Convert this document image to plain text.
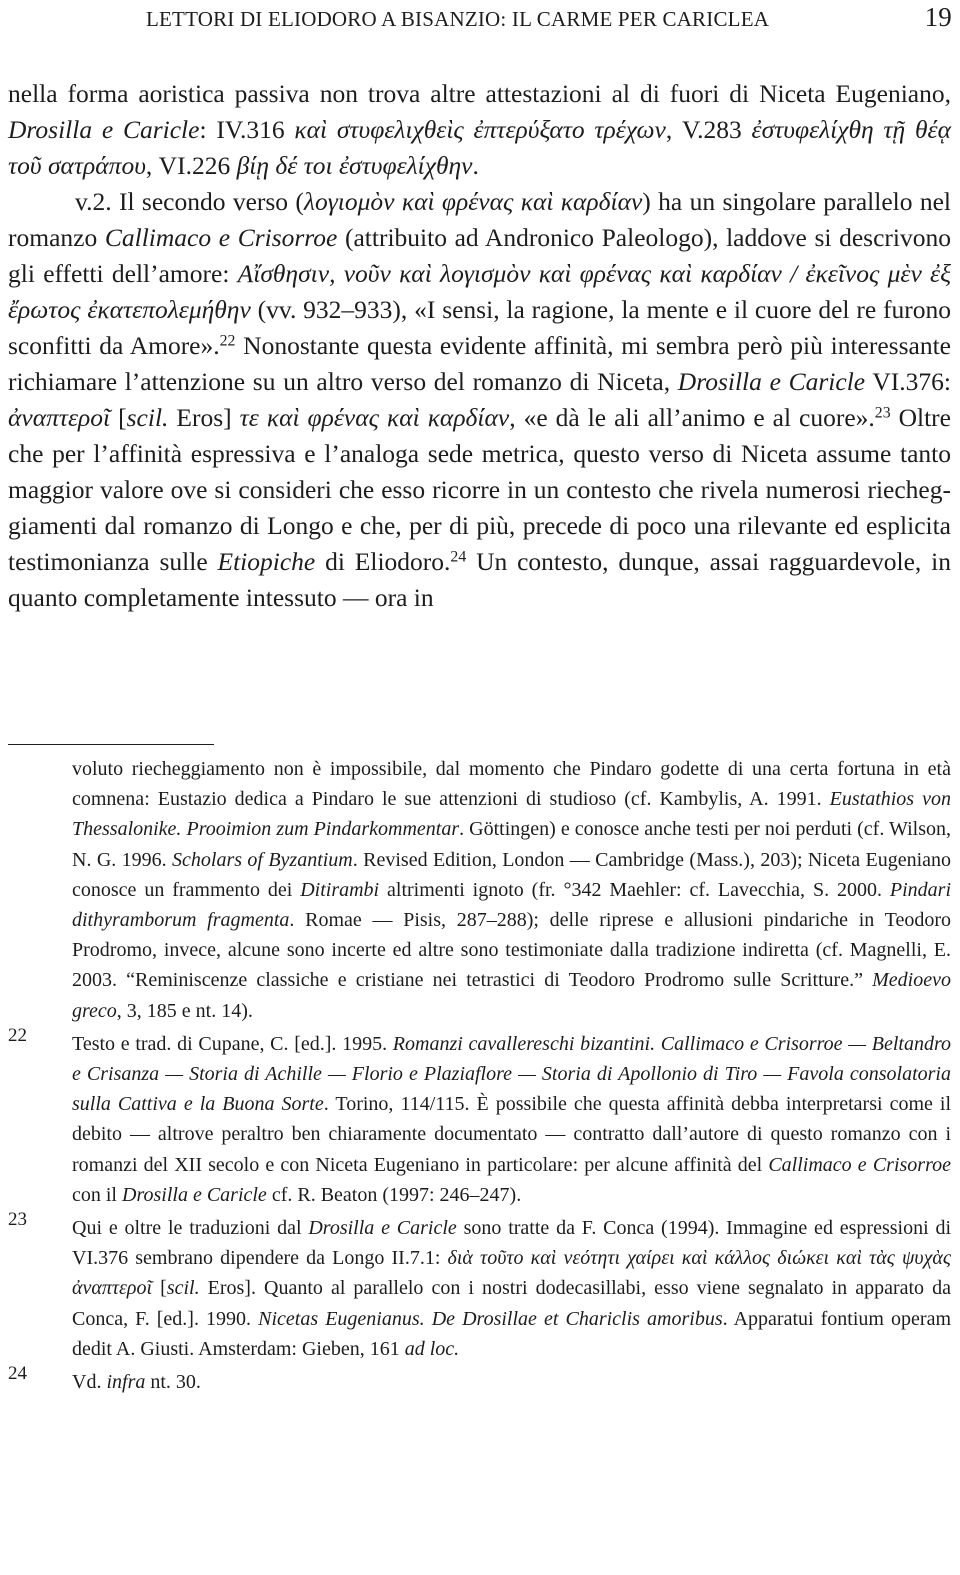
LETTORI DI ELIODORO A BISANZIO: IL CARME PER CARICLEA	19

nella forma aoristica passiva non trova altre attestazioni al di fuori di Niceta Eugeniano, Drosilla e Caricle: IV.316 καὶ στυφελιχθεὶς ἐπτερύξατο τρέχων, V.283 ἐστυφελίχθη τῇ θέᾳ τοῦ σατράπου, VI.226 βίῃ δέ τοι ἐστυφελίχθην.

v.2. Il secondo verso (λογιομὸν καὶ φρένας καὶ καρδίαν) ha un singolare parallelo nel romanzo Callimaco e Crisorroe (attribuito ad Andronico Paleologo), laddove si descrivono gli effetti dell’amore: Αἴσθησιν, νοῦν καὶ λογισμὸν καὶ φρένας καὶ καρδίαν / ἐκεῖνος μὲν ἐξ ἔρωτος ἐκατεπολεμήθην (vv. 932–933), «I sensi, la ragione, la mente e il cuore del re furono sconfitti da Amore».$^{22}$ Nonostante questa evidente affinità, mi sembra però più interessante richiamare l’attenzione su un altro verso del romanzo di Niceta, Drosilla e Caricle VI.376: ἀναπτεροῖ [scil. Eros] τε καὶ φρένας καὶ καρδίαν, «e dà le ali all’animo e al cuore».$^{23}$ Oltre che per l’affinità espressiva e l’analoga sede metrica, questo verso di Niceta assume tanto maggior valore ove si consideri che esso ricorre in un contesto che rivela numerosi riecheggiamenti dal romanzo di Longo e che, per di più, precede di poco una rilevante ed esplicita testimonianza sulle Etiopiche di Eliodoro.$^{24}$ Un contesto, dunque, assai ragguardevole, in quanto completamente intessuto — ora in

voluto riecheggiamento non è impossibile, dal momento che Pindaro godette di una certa fortuna in età comnena: Eustazio dedica a Pindaro le sue attenzioni di studioso (cf. Kambylis, A. 1991. Eustathios von Thessalonike. Prooimion zum Pindarkommentar. Göttingen) e conosce anche testi per noi perduti (cf. Wilson, N. G. 1996. Scholars of Byzantium. Revised Edition, London — Cambridge (Mass.), 203); Niceta Eugeniano conosce un frammento dei Ditirambi altrimenti ignoto (fr. °342 Maehler: cf. Lavecchia, S. 2000. Pindari dithyramborum fragmenta. Romae — Pisis, 287–288); delle riprese e allusioni pindariche in Teodoro Prodromo, invece, alcune sono incerte ed altre sono testimoniate dalla tradizione indiretta (cf. Magnelli, E. 2003. “Reminiscenze classiche e cristiane nei tetrastici di Teodoro Prodromo sulle Scritture.” Medioevo greco, 3, 185 e nt. 14).
22	Testo e trad. di Cupane, C. [ed.]. 1995. Romanzi cavallereschi bizantini. Callimaco e Crisorroe — Beltandro e Crisanza — Storia di Achille — Florio e Plaziaflore — Storia di Apollonio di Tiro — Favola consolatoria sulla Cattiva e la Buona Sorte. Torino, 114/115. È possibile che questa affinità debba interpretarsi come il debito — altrove peraltro ben chiaramente documentato — contratto dall’autore di questo romanzo con i romanzi del XII secolo e con Niceta Eugeniano in particolare: per alcune affinità del Callimaco e Crisorroe con il Drosilla e Caricle cf. R. Beaton (1997: 246–247).
23	Qui e oltre le traduzioni dal Drosilla e Caricle sono tratte da F. Conca (1994). Immagine ed espressioni di VI.376 sembrano dipendere da Longo II.7.1: διὰ τοῦτο καὶ νεότητι χαίρει καὶ κάλλος διώκει καὶ τὰς ψυχὰς ἀναπτεροῖ [scil. Eros]. Quanto al parallelo con i nostri dodecasillabi, esso viene segnalato in apparato da Conca, F. [ed.]. 1990. Nicetas Eugenianus. De Drosillae et Chariclis amoribus. Apparatui fontium operam dedit A. Giusti. Amsterdam: Gieben, 161 ad loc.
24	Vd. infra nt. 30.
